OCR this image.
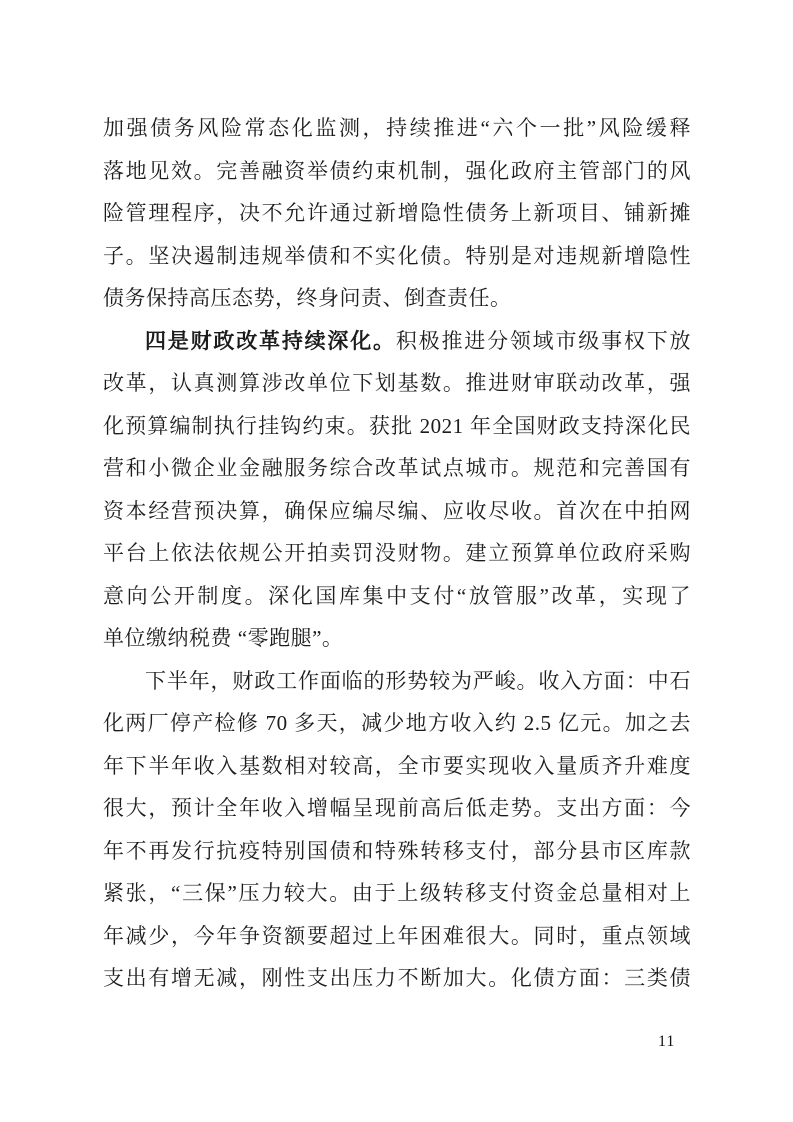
加强债务风险常态化监测，持续推进“六个一批”风险缓释
落地见效。完善融资举债约束机制，强化政府主管部门的风
险管理程序，决不允许通过新增隐性债务上新项目、铺新摊
子。坚决遏制违规举债和不实化债。特别是对违规新增隐性
债务保持高压态势，终身问责、倒查责任。
四是财政改革持续深化。积极推进分领域市级事权下放
改革，认真测算涉改单位下划基数。推进财审联动改革，强
化预算编制执行挂钩约束。获批 2021 年全国财政支持深化民
营和小微企业金融服务综合改革试点城市。规范和完善国有
资本经营预决算，确保应编尽编、应收尽收。首次在中拍网
平台上依法依规公开拍卖罚没财物。建立预算单位政府采购
意向公开制度。深化国库集中支付“放管服”改革，实现了
单位缴纳税费 “零跑腿”。
下半年，财政工作面临的形势较为严峻。收入方面：中石
化两厂停产检修 70 多天，减少地方收入约 2.5 亿元。加之去
年下半年收入基数相对较高，全市要实现收入量质齐升难度
很大，预计全年收入增幅呈现前高后低走势。支出方面：今
年不再发行抗疫特别国债和特殊转移支付，部分县市区库款
紧张，“三保”压力较大。由于上级转移支付资金总量相对上
年减少，今年争资额要超过上年困难很大。同时，重点领域
支出有增无减，刚性支出压力不断加大。化债方面：三类债
11
